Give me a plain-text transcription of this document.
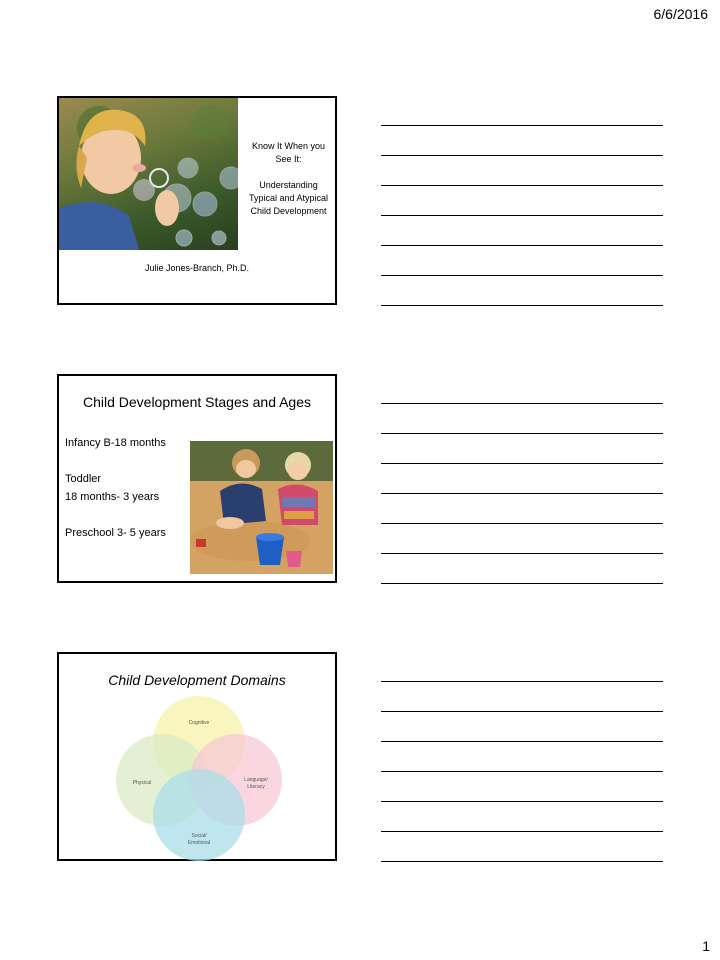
6/6/2016
Know It When you
See It:
Understanding
Typical and Atypical
Child Development
Julie Jones-Branch, Ph.D.
Child Development Stages and Ages
Infancy B-18 months
Toddler
18 months- 3 years
Preschool 3- 5 years
Child Development Domains
Cognitive
Physical	Language/
Literacy
Social/
Emotional
1
